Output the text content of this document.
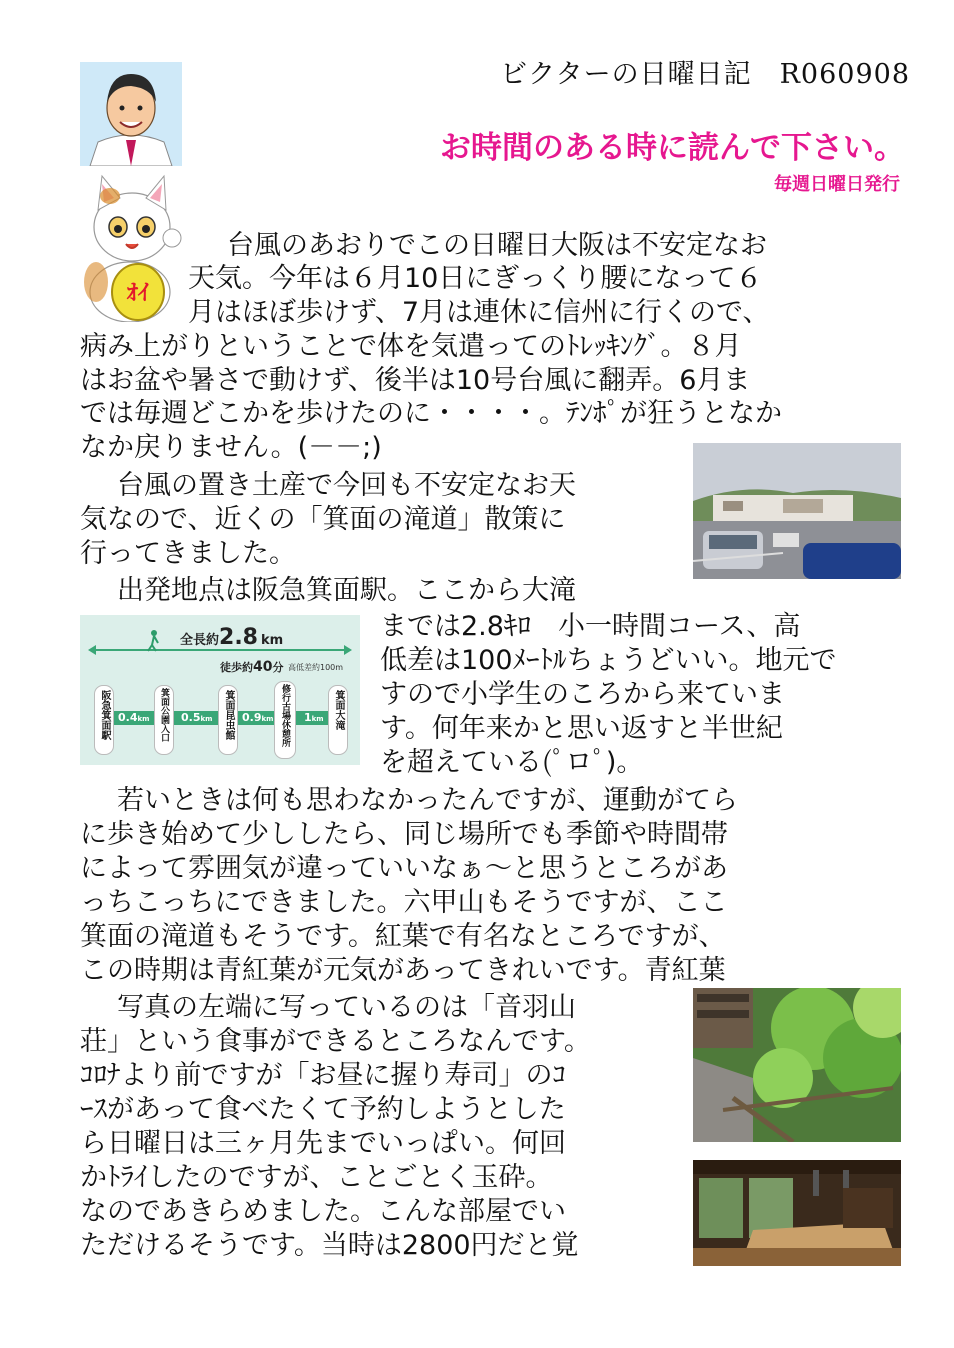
ビクターの日曜日記　R060908
お時間のある時に読んで下さい。
毎週日曜日発行
ｵｲ
全長約2.8 km
徒歩約40分 高低差約100m
阪急箕面駅	箕面公園入口	箕面昆虫館	修行古場休憩所	箕面大滝
0.4km	0.5km	0.9km	1km
台風のあおりでこの日曜日大阪は不安定なお
天気。今年は６月10日にぎっくり腰になって６
月はほぼ歩けず、7月は連休に信州に行くので、
病み上がりということで体を気遣ってのﾄﾚｯｷﾝｸﾞ。８月
はお盆や暑さで動けず、後半は10号台風に翻弄。6月ま
では毎週どこかを歩けたのに・・・・。ﾃﾝﾎﾟが狂うとなか
なか戻りません。(－－;)
台風の置き土産で今回も不安定なお天
気なので、近くの「箕面の滝道」散策に
行ってきました。
出発地点は阪急箕面駅。ここから大滝
までは2.8ｷﾛ　小一時間コース、高
低差は100ﾒｰﾄﾙちょうどいい。地元で
すので小学生のころから来ていま
す。何年来かと思い返すと半世紀
を超えている(ﾟロﾟ)。
若いときは何も思わなかったんですが、運動がてら
に歩き始めて少ししたら、同じ場所でも季節や時間帯
によって雰囲気が違っていいなぁ～と思うところがあ
っちこっちにできました。六甲山もそうですが、ここ
箕面の滝道もそうです。紅葉で有名なところですが、
この時期は青紅葉が元気があってきれいです。青紅葉
写真の左端に写っているのは「音羽山
荘」という食事ができるところなんです。
ｺﾛﾅより前ですが「お昼に握り寿司」のｺ
ｰｽがあって食べたくて予約しようとした
ら日曜日は三ヶ月先までいっぱい。何回
かﾄﾗｲしたのですが、ことごとく玉砕。
なのであきらめました。こんな部屋でい
ただけるそうです。当時は2800円だと覚
